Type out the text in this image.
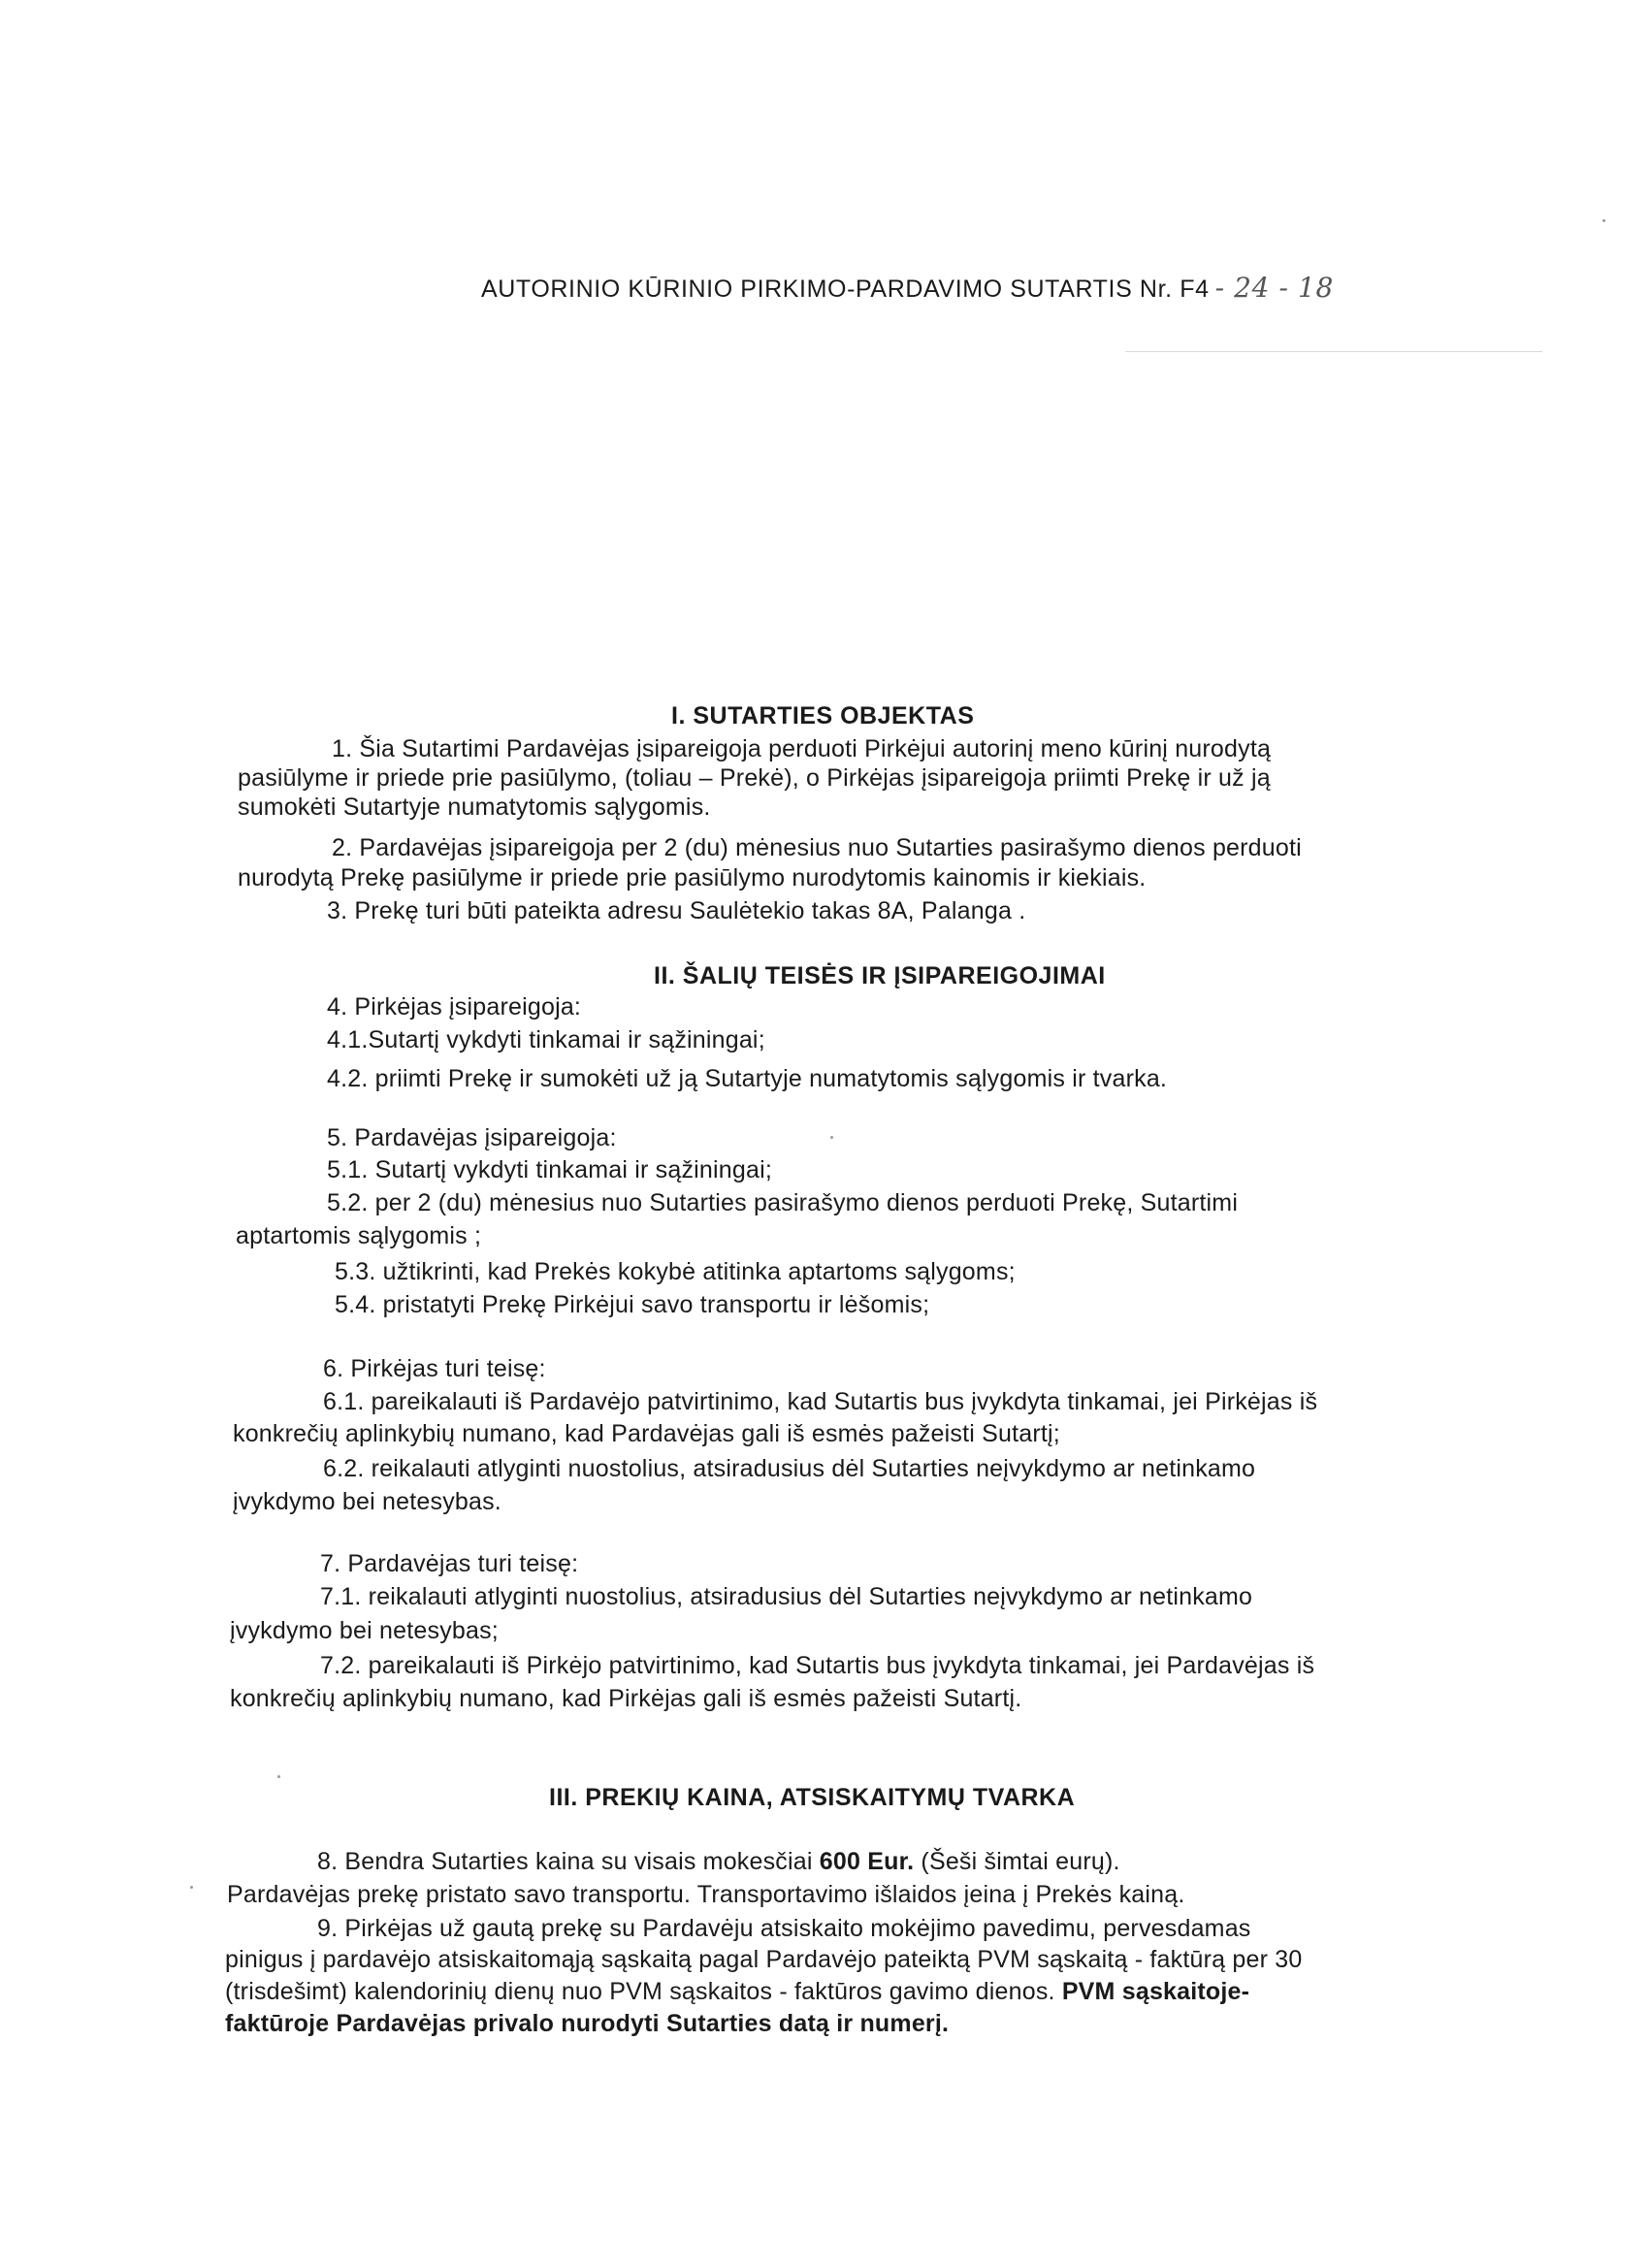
AUTORINIO KŪRINIO PIRKIMO-PARDAVIMO SUTARTIS Nr. F4 - 24 - 18
I. SUTARTIES OBJEKTAS
1. Šia Sutartimi Pardavėjas įsipareigoja perduoti Pirkėjui autorinį meno kūrinį nurodytą
pasiūlyme ir priede prie pasiūlymo, (toliau – Prekė), o Pirkėjas įsipareigoja priimti Prekę ir už ją
sumokėti Sutartyje numatytomis sąlygomis.
2. Pardavėjas įsipareigoja per 2 (du) mėnesius nuo Sutarties pasirašymo dienos perduoti
nurodytą Prekę pasiūlyme ir priede prie pasiūlymo nurodytomis kainomis ir kiekiais.
3. Prekę turi būti pateikta adresu Saulėtekio takas 8A, Palanga .
II. ŠALIŲ TEISĖS IR ĮSIPAREIGOJIMAI
4. Pirkėjas įsipareigoja:
4.1.Sutartį vykdyti tinkamai ir sąžiningai;
4.2. priimti Prekę ir sumokėti už ją Sutartyje numatytomis sąlygomis ir tvarka.
5. Pardavėjas įsipareigoja:
5.1. Sutartį vykdyti tinkamai ir sąžiningai;
5.2. per 2 (du) mėnesius nuo Sutarties pasirašymo dienos perduoti Prekę, Sutartimi
aptartomis sąlygomis ;
5.3. užtikrinti, kad Prekės kokybė atitinka aptartoms sąlygoms;
5.4. pristatyti Prekę Pirkėjui savo transportu ir lėšomis;
6. Pirkėjas turi teisę:
6.1. pareikalauti iš Pardavėjo patvirtinimo, kad Sutartis bus įvykdyta tinkamai, jei Pirkėjas iš
konkrečių aplinkybių numano, kad Pardavėjas gali iš esmės pažeisti Sutartį;
6.2. reikalauti atlyginti nuostolius, atsiradusius dėl Sutarties neįvykdymo ar netinkamo
įvykdymo bei netesybas.
7. Pardavėjas turi teisę:
7.1. reikalauti atlyginti nuostolius, atsiradusius dėl Sutarties neįvykdymo ar netinkamo
įvykdymo bei netesybas;
7.2. pareikalauti iš Pirkėjo patvirtinimo, kad Sutartis bus įvykdyta tinkamai, jei Pardavėjas iš
konkrečių aplinkybių numano, kad Pirkėjas gali iš esmės pažeisti Sutartį.
III. PREKIŲ KAINA, ATSISKAITYMŲ TVARKA
8. Bendra Sutarties kaina su visais mokesčiai 600 Eur. (Šeši šimtai eurų).
Pardavėjas prekę pristato savo transportu. Transportavimo išlaidos įeina į Prekės kainą.
9. Pirkėjas už gautą prekę su Pardavėju atsiskaito mokėjimo pavedimu, pervesdamas
pinigus į pardavėjo atsiskaitomąją sąskaitą pagal Pardavėjo pateiktą PVM sąskaitą - faktūrą per 30
(trisdešimt) kalendorinių dienų nuo PVM sąskaitos - faktūros gavimo dienos. PVM sąskaitoje-
faktūroje Pardavėjas privalo nurodyti Sutarties datą ir numerį.
